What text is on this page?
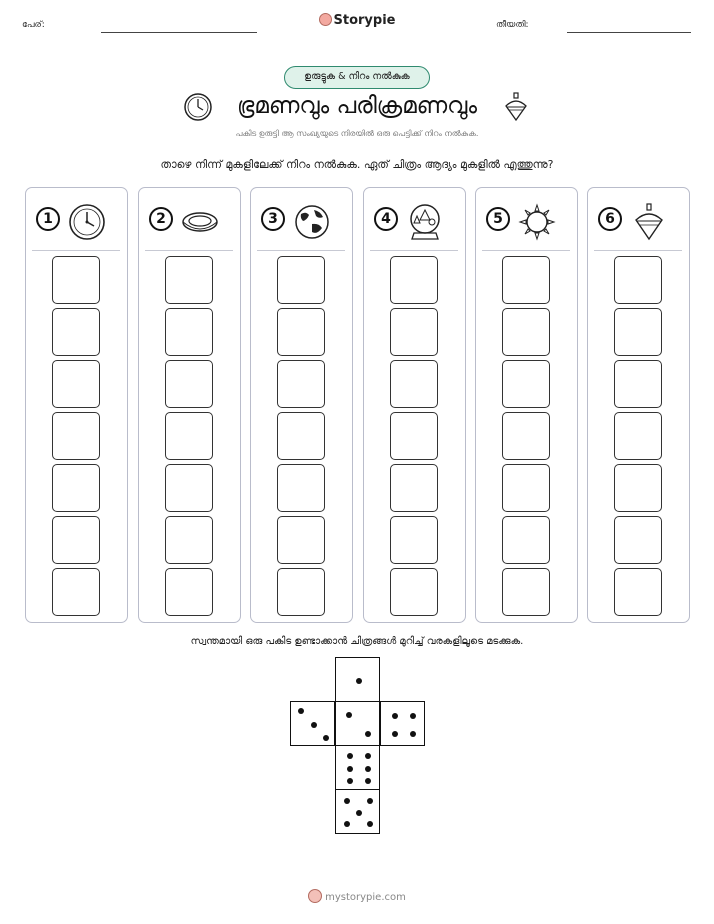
പേര്:	Storypie	തീയതി:
ഉരുട്ടുക & നിറം നൽകുക
ഭ്രമണവും പരിക്രമണവും
പകിട ഉരുട്ടി ആ സംഖ്യയുടെ നിരയിൽ ഒരു പെട്ടിക്ക് നിറം നൽകുക.
താഴെ നിന്ന് മുകളിലേക്ക് നിറം നൽകുക. ഏത് ചിത്രം ആദ്യം മുകളിൽ എത്തുന്നു?
1	2	3	4	5	6
സ്വന്തമായി ഒരു പകിട ഉണ്ടാക്കാൻ ചിത്രങ്ങൾ മുറിച്ച് വരകളിലൂടെ മടക്കുക.
mystorypie.com
